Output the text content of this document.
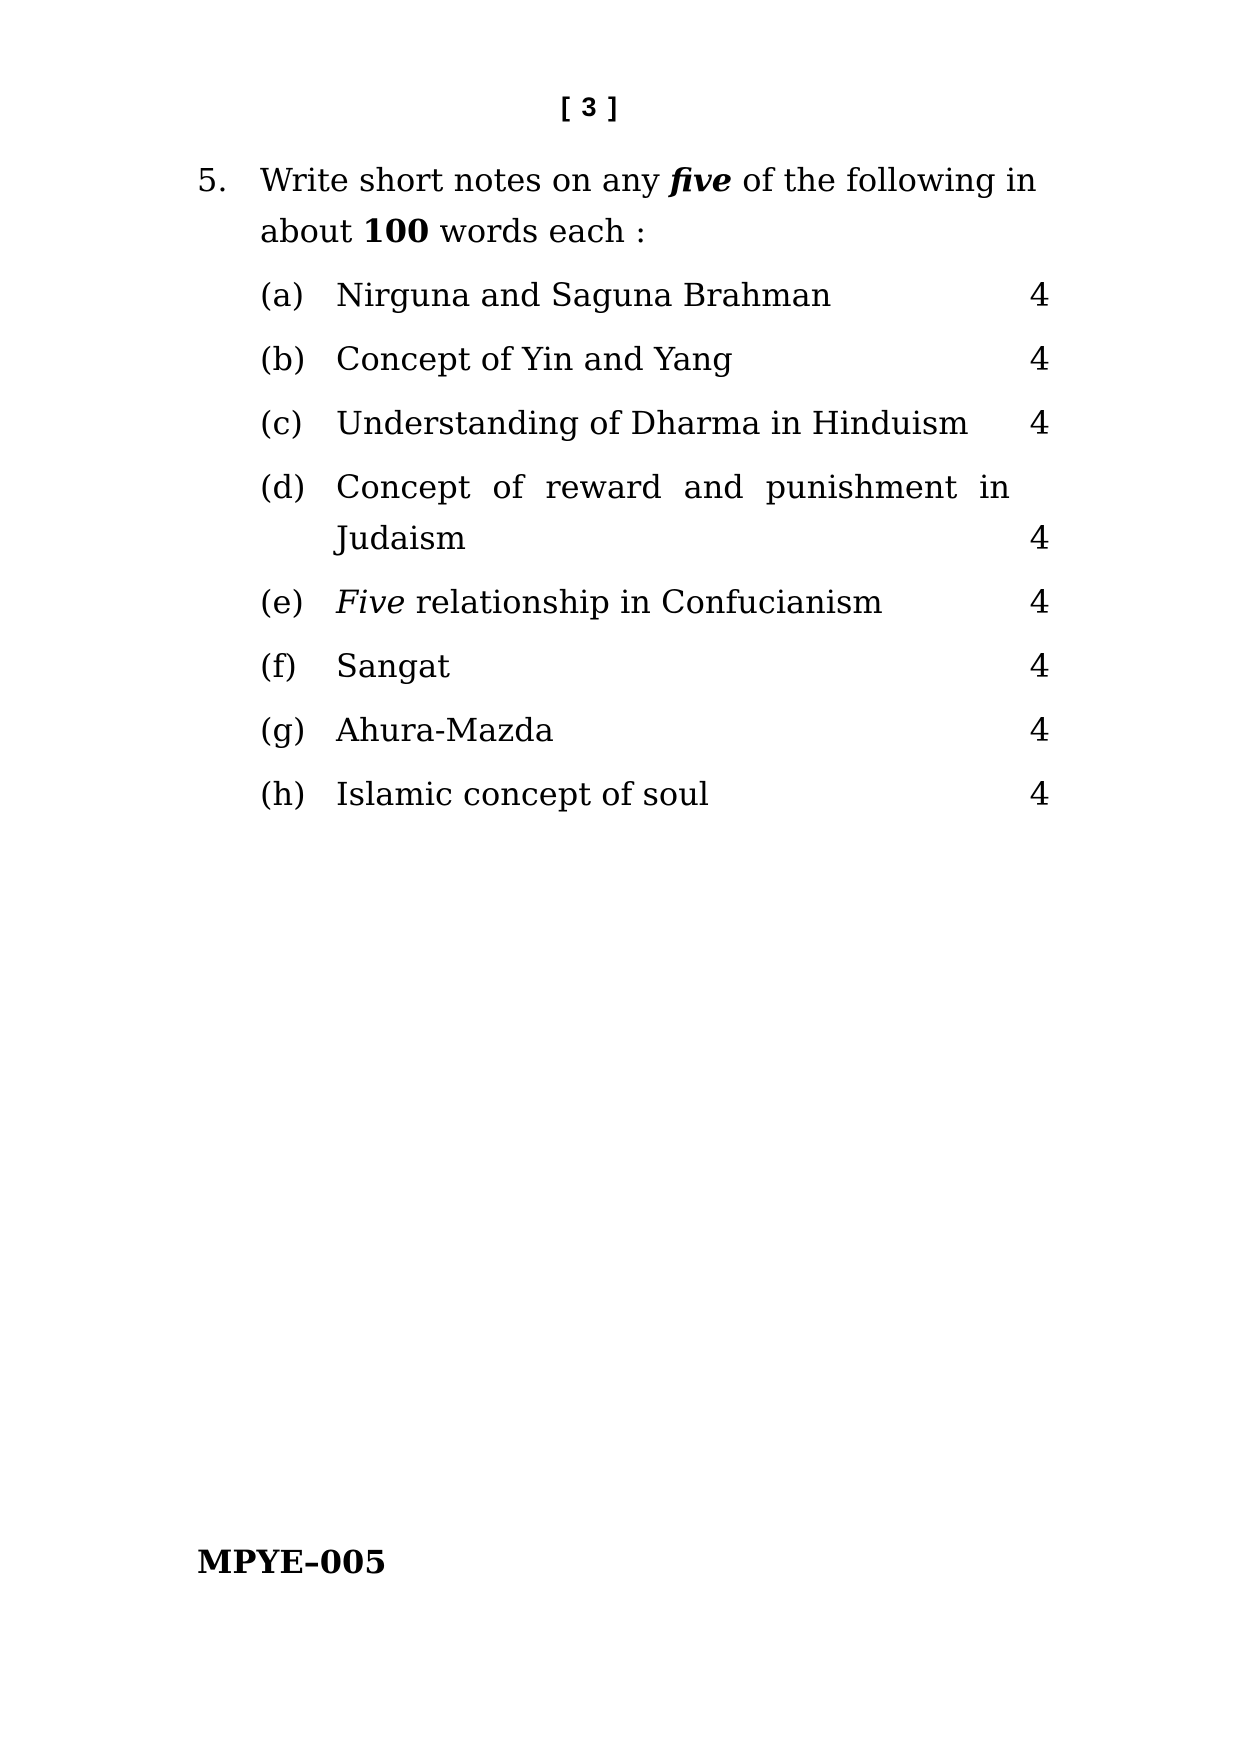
[ 3 ]
5.	Write short notes on any five of the following in about 100 words each :
(a) Nirguna and Saguna Brahman	4
(b) Concept of Yin and Yang	4
(c)	Understanding of Dharma in Hinduism	4
(d) Concept of reward and punishment in
Judaism	4
(e)	Five relationship in Confucianism	4
(f)	Sangat	4
(g) Ahura-Mazda	4
(h) Islamic concept of soul	4
MPYE–005
